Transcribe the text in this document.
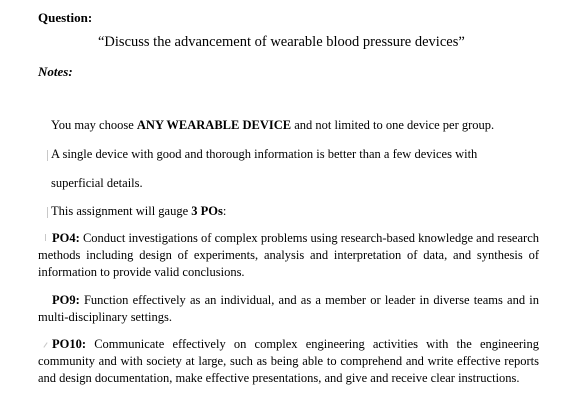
Question:
“Discuss the advancement of wearable blood pressure devices”
Notes:
You may choose ANY WEARABLE DEVICE and not limited to one device per group.
A single device with good and thorough information is better than a few devices with
superficial details.
This assignment will gauge 3 POs:
PO4: Conduct investigations of complex problems using research-based knowledge and research methods including design of experiments, analysis and interpretation of data, and synthesis of information to provide valid conclusions.
PO9: Function effectively as an individual, and as a member or leader in diverse teams and in multi-disciplinary settings.
PO10: Communicate effectively on complex engineering activities with the engineering community and with society at large, such as being able to comprehend and write effective reports and design documentation, make effective presentations, and give and receive clear instructions.
